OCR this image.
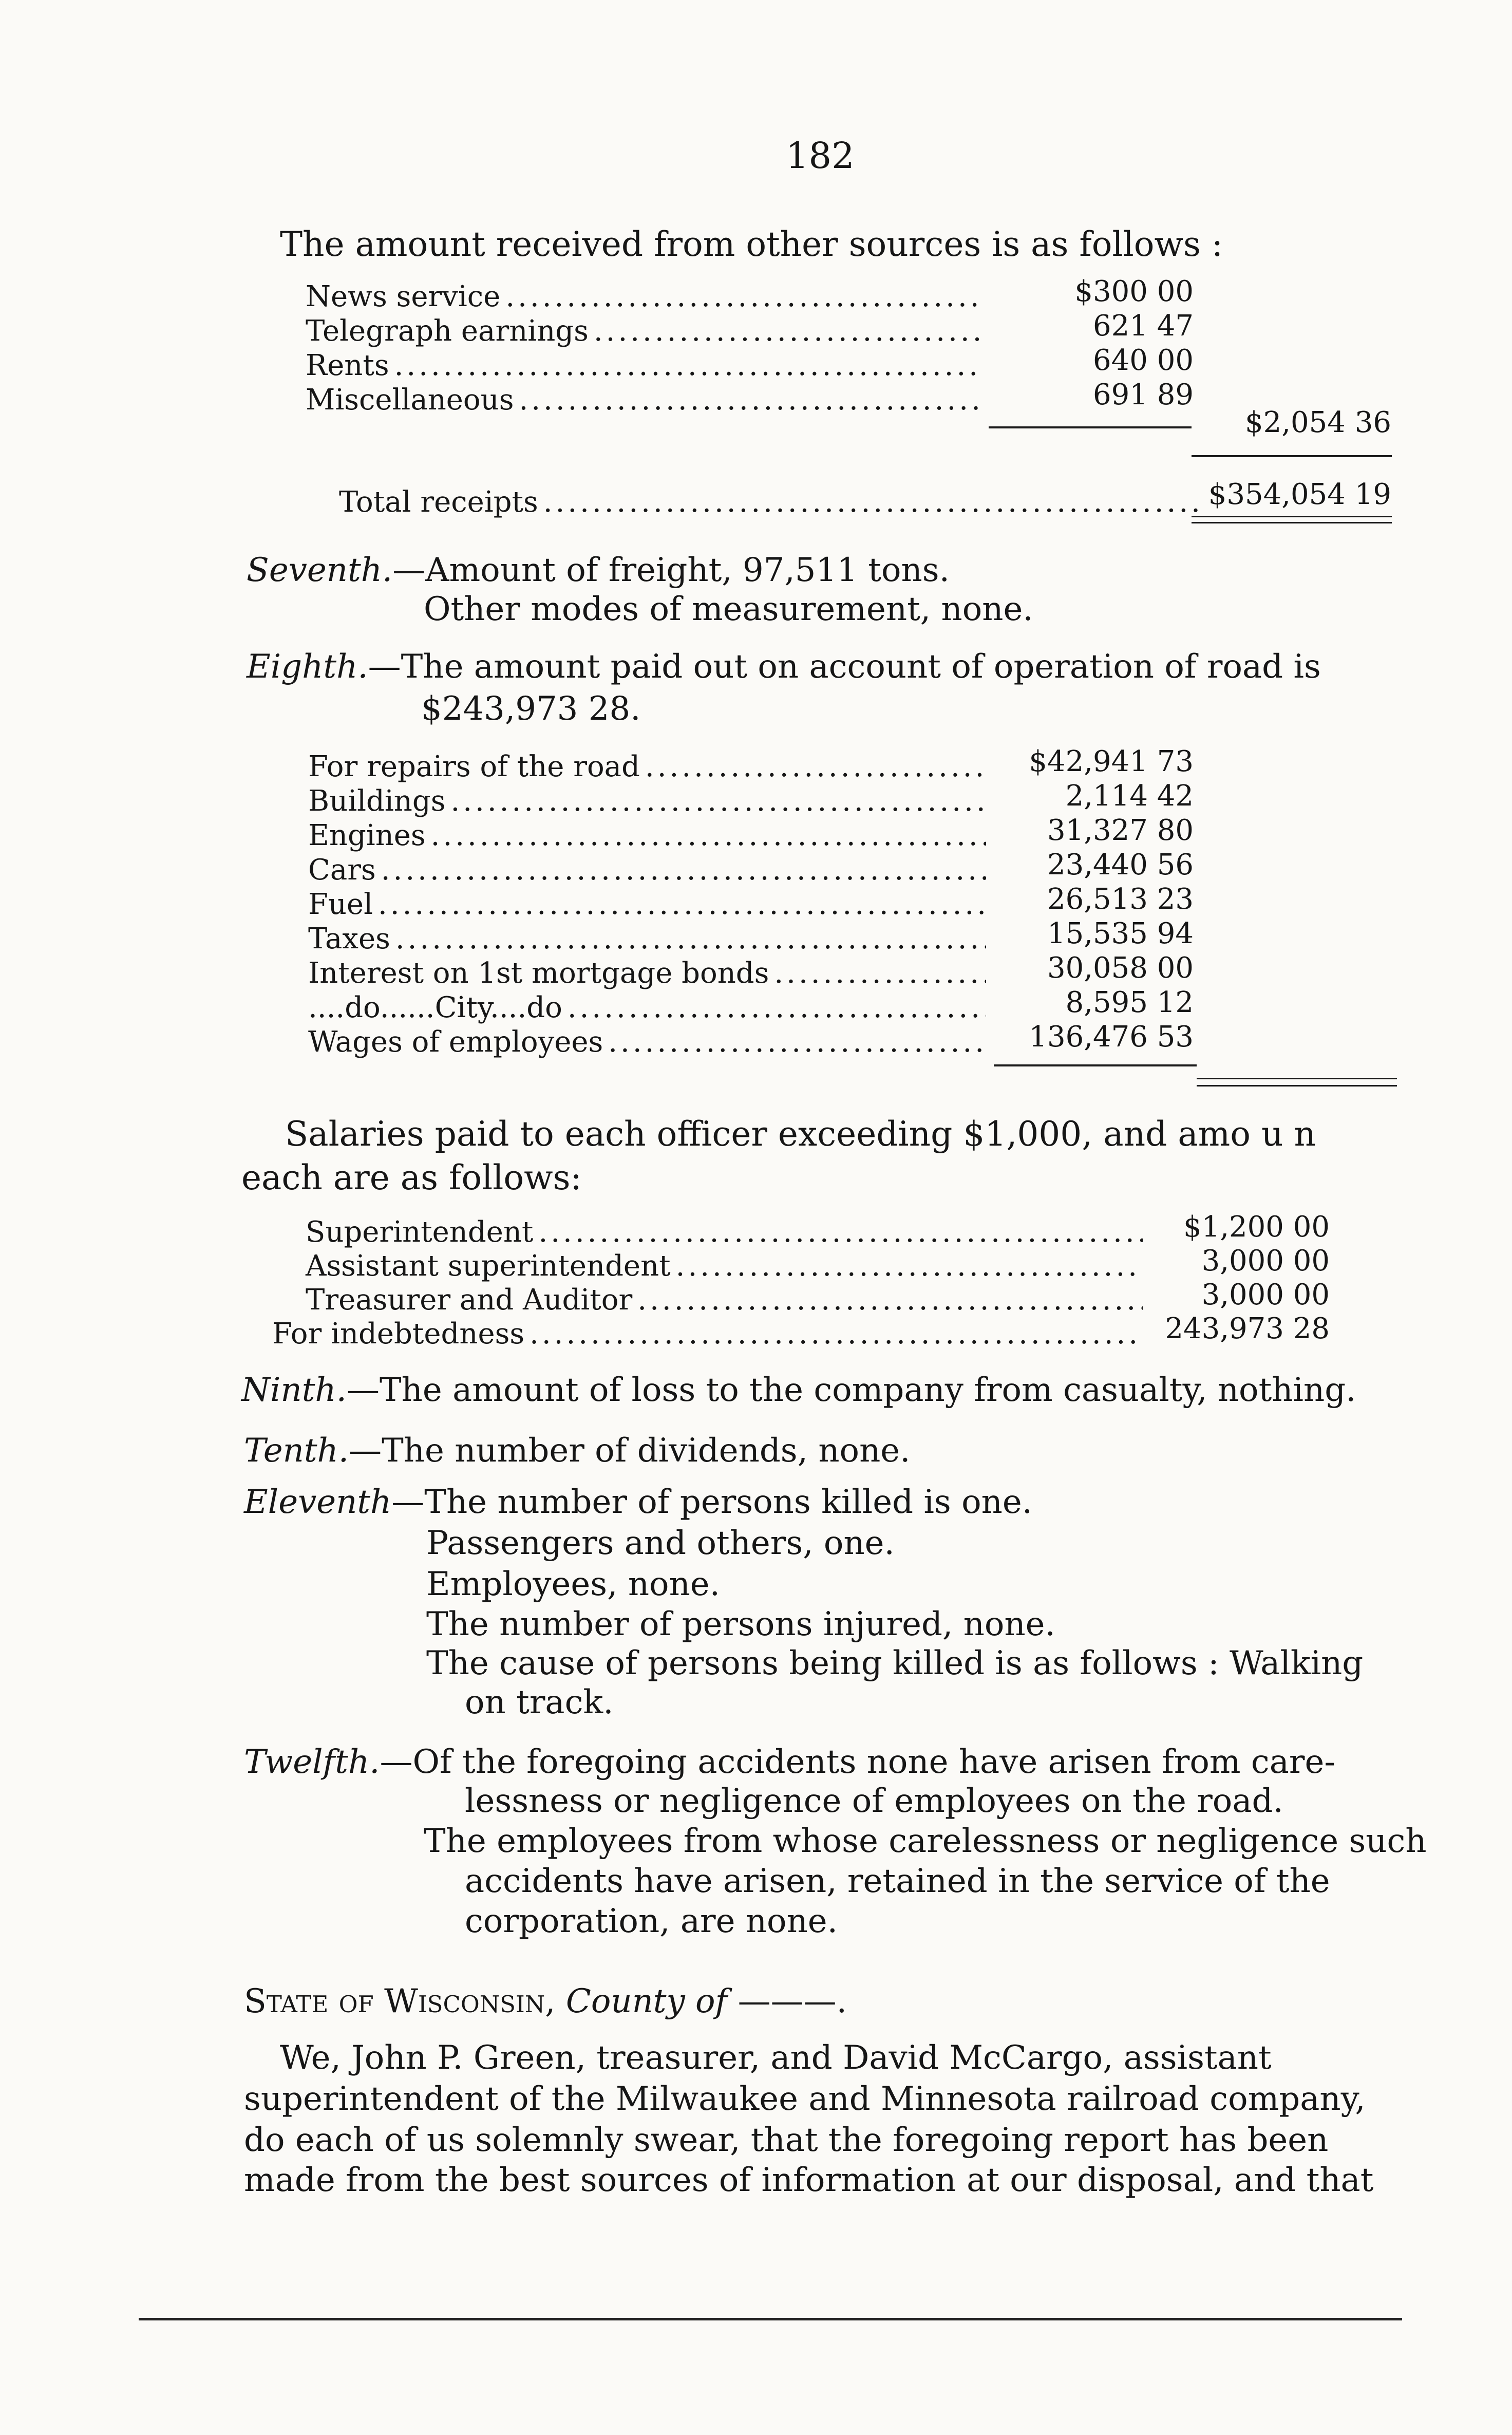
182
The amount received from other sources is as follows :
News service .....	$300 00
Telegraph earnings .....	621 47
Rents .....	640 00
Miscellaneous .....	691 89
$2,054 36
Total receipts .....	$354,054 19
Seventh.—Amount of freight, 97,511 tons.
Other modes of measurement, none.
Eighth.—The amount paid out on account of operation of road is
$243,973 28.
For repairs of the road .....	$42,941 73
Buildings .....	2,114 42
Engines .....	31,327 80
Cars .....	23,440 56
Fuel .....	26,513 23
Taxes .....	15,535 94
Interest on 1st mortgage bonds .....	30,058 00
....do......City....do .....	8,595 12
Wages of employees .....	136,476 53
Salaries paid to each officer exceeding $1,000, and amo u n
each are as follows:
Superintendent .....	$1,200 00
Assistant superintendent .....	3,000 00
Treasurer and Auditor .....	3,000 00
For indebtedness .....	243,973 28
Ninth.—The amount of loss to the company from casualty, nothing.
Tenth.—The number of dividends, none.
Eleventh—The number of persons killed is one.
Passengers and others, one.
Employees, none.
The number of persons injured, none.
The cause of persons being killed is as follows : Walking
on track.
Twelfth.—Of the foregoing accidents none have arisen from care-
lessness or negligence of employees on the road.
The employees from whose carelessness or negligence such
accidents have arisen, retained in the service of the
corporation, are none.
State of Wisconsin, County of ———.
We, John P. Green, treasurer, and David McCargo, assistant
superintendent of the Milwaukee and Minnesota railroad company,
do each of us solemnly swear, that the foregoing report has been
made from the best sources of information at our disposal, and that
